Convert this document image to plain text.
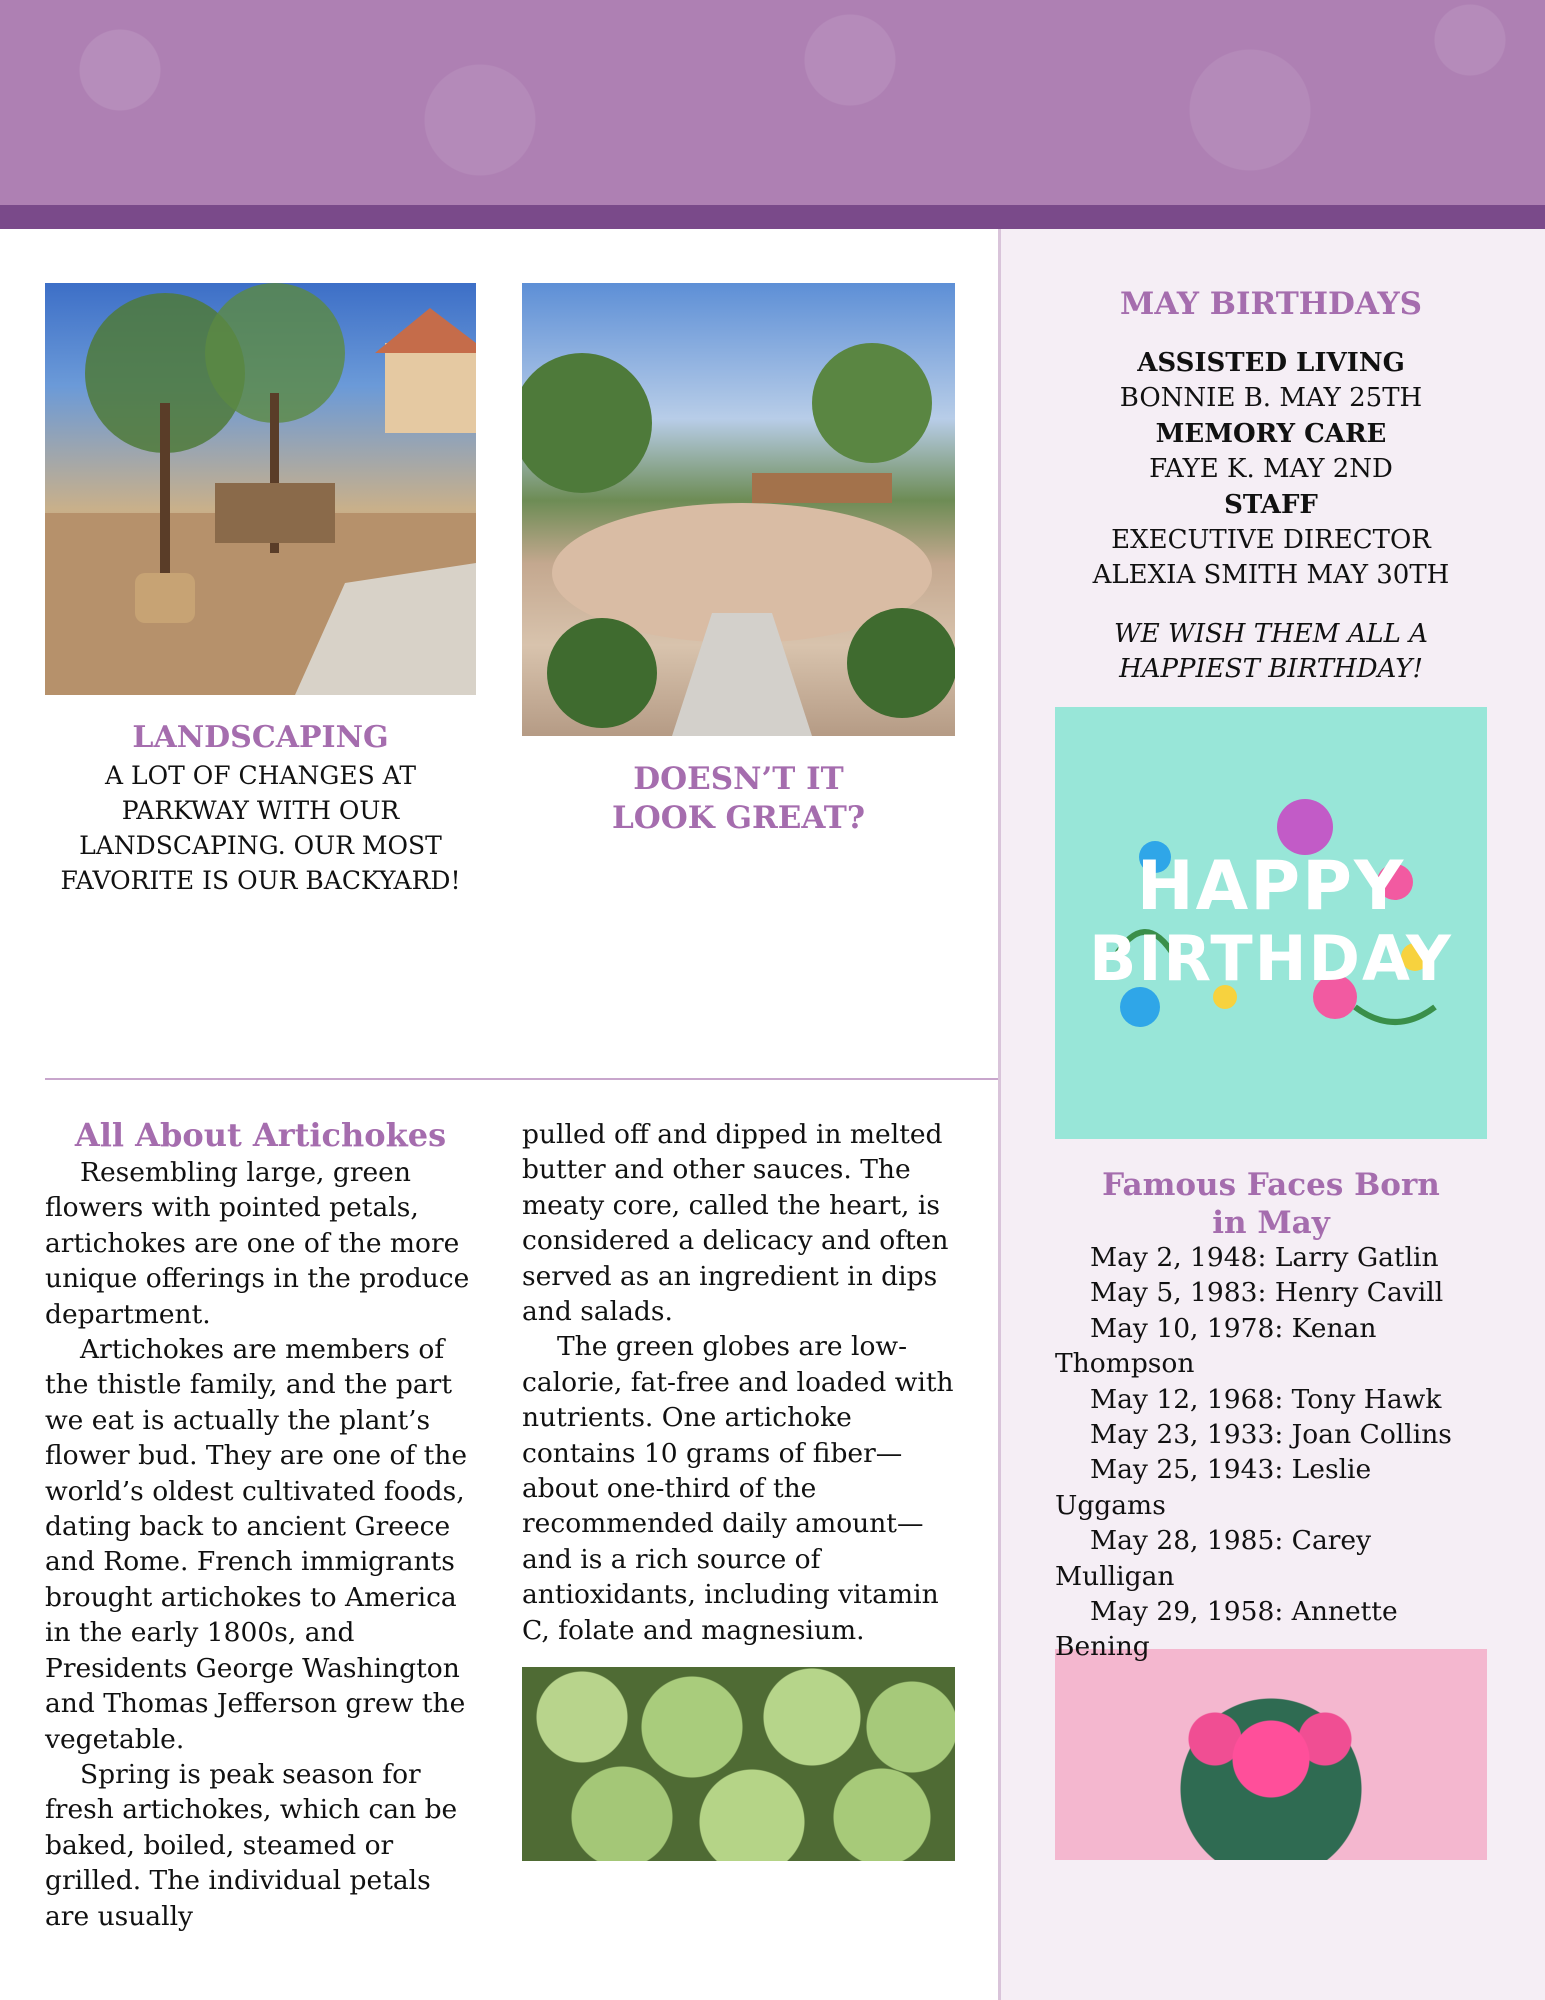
HAPPY
BIRTHDAY
LANDSCAPING
A LOT OF CHANGES AT PARKWAY WITH OUR LANDSCAPING. OUR MOST FAVORITE IS OUR BACKYARD!
DOESN’T IT
LOOK GREAT?
All About Artichokes

Resembling large, green flowers with pointed petals, artichokes are one of the more unique offerings in the produce department.

Artichokes are members of the thistle family, and the part we eat is actually the plant’s flower bud. They are one of the world’s oldest cultivated foods, dating back to ancient Greece and Rome. French immigrants brought artichokes to America in the early 1800s, and Presidents George Washington and Thomas Jefferson grew the vegetable.

Spring is peak season for fresh artichokes, which can be baked, boiled, steamed or grilled. The individual petals are usually

pulled off and dipped in melted butter and other sauces. The meaty core, called the heart, is considered a delicacy and often served as an ingredient in dips and salads.

The green globes are low-calorie, fat-free and loaded with nutrients. One artichoke contains 10 grams of fiber—about one-third of the recommended daily amount—and is a rich source of antioxidants, including vitamin C, folate and magnesium.

MAY BIRTHDAYS
ASSISTED LIVING
BONNIE B. MAY 25TH
MEMORY CARE
FAYE K. MAY 2ND
STAFF
EXECUTIVE DIRECTOR
ALEXIA SMITH MAY 30TH
WE WISH THEM ALL A
HAPPIEST BIRTHDAY!
Famous Faces Born
in May

May 2, 1948: Larry Gatlin

May 5, 1983: Henry Cavill

May 10, 1978: Kenan Thompson

May 12, 1968: Tony Hawk

May 23, 1933: Joan Collins

May 25, 1943: Leslie Uggams

May 28, 1985: Carey Mulligan

May 29, 1958: Annette Bening
